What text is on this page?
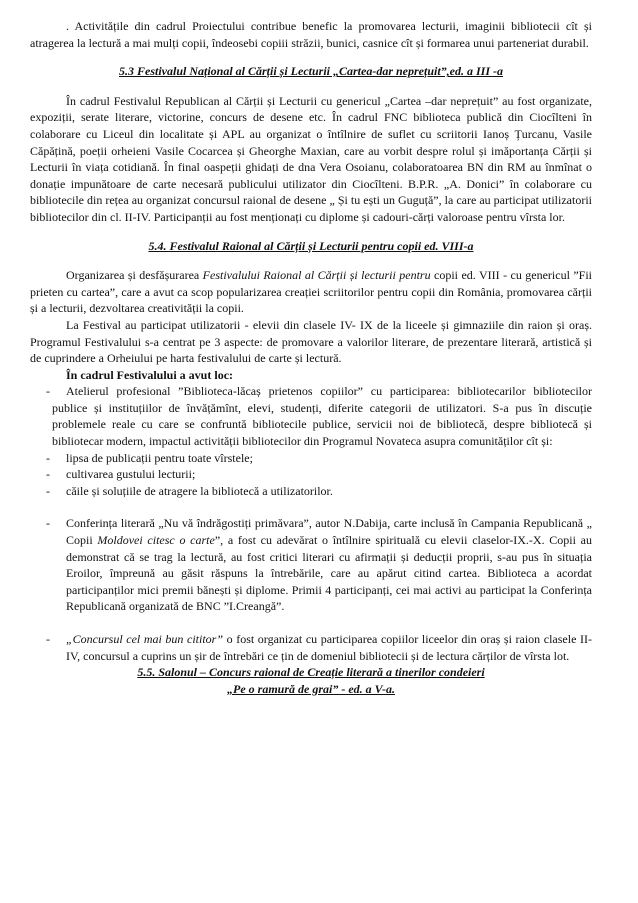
. Activitățile din cadrul Proiectului contribue benefic la promovarea lecturii, imaginii bibliotecii cît și atragerea la lectură a mai mulți copii, îndeosebi copiii străzii, bunici, casnice cît și formarea unui parteneriat durabil.

5.3 Festivalul Național al Cărții și Lecturii „Cartea-dar neprețuit”,ed. a III -a

În cadrul Festivalul Republican al Cărții și Lecturii cu genericul „Cartea –dar neprețuit” au fost organizate, expoziții, serate literare, victorine, concurs de desene etc. În cadrul FNC biblioteca publică din Ciocîlteni în colaborare cu Liceul din localitate și APL au organizat o întîlnire de suflet cu scriitorii Ianoș Țurcanu, Vasile Căpățină, poeții orheieni Vasile Cocarcea și Gheorghe Maxian, care au vorbit despre rolul și imăportanța Cărții și Lecturii în viața cotidiană. În final oaspeții ghidați de dna Vera Osoianu, colaboratoarea BN din RM au înmînat o donație impunătoare de carte necesară publicului utilizator din Ciocîlteni. B.P.R. „A. Donici” în colaborare cu bibliotecile din rețea au organizat concursul raional de desene „ Și tu ești un Guguță”, la care au participat utilizatorii bibliotecilor din cl. II-IV. Participanții au fost menționați cu diplome și cadouri-cărți valoroase pentru vîrsta lor.

5.4. Festivalul Raional al Cărții și Lecturii pentru copii ed. VIII-a

Organizarea și desfășurarea Festivalului Raional al Cărții și lecturii pentru copii ed. VIII - cu genericul ”Fii prieten cu cartea”, care a avut ca scop popularizarea creației scriitorilor pentru copii din România, promovarea cărții și a lecturii, dezvoltarea creativității la copii.

La Festival au participat utilizatorii - elevii din clasele IV- IX de la liceele și gimnaziile din raion și oraș. Programul Festivalului s-a centrat pe 3 aspecte: de promovare a valorilor literare, de prezentare literară, artistică și de cuprindere a Orheiului pe harta festivalului de carte și lectură.

În cadrul Festivalului a avut loc:

-	Atelierul profesional ”Biblioteca-lăcaș prietenos copiilor” cu participarea: bibliotecarilor bibliotecilor publice și instituțiilor de învățămînt, elevi, studenți, diferite categorii de utilizatori. S-a pus în discuție problemele reale cu care se confruntă bibliotecile publice, servicii noi de bibliotecă, despre bibliotecă și bibliotecar modern, impactul activității bibliotecilor din Programul Novateca asupra comunităților cît și:
-	lipsa de publicații pentru toate vîrstele;
-	cultivarea gustului lecturii;
-	căile și soluțiile de atragere la bibliotecă a utilizatorilor.
-	Conferința literară „Nu vă îndrăgostiți primăvara”, autor N.Dabija, carte inclusă în Campania Republicană „ Copii Moldovei citesc o carte”, a fost cu adevărat o întîlnire spirituală cu elevii claselor-IX.-X. Copii au demonstrat că se trag la lectură, au fost critici literari cu afirmații și deducții proprii, s-au pus în situația Eroilor, împreună au găsit răspuns la întrebările, care au apărut citind cartea. Biblioteca a acordat participanților mici premii bănești și diplome. Primii 4 participanți, cei mai activi au participat la Conferința Republicană organizată de BNC ”I.Creangă”.
-	„Concursul cel mai bun cititor” o fost organizat cu participarea copiilor liceelor din oraș și raion clasele II-IV, concursul a cuprins un șir de întrebări ce țin de domeniul bibliotecii și de lectura cărților de vîrsta lot.

5.5. Salonul – Concurs raional de Creație literară a tinerilor condeieri

„Pe o ramură de grai” - ed. a V-a.
